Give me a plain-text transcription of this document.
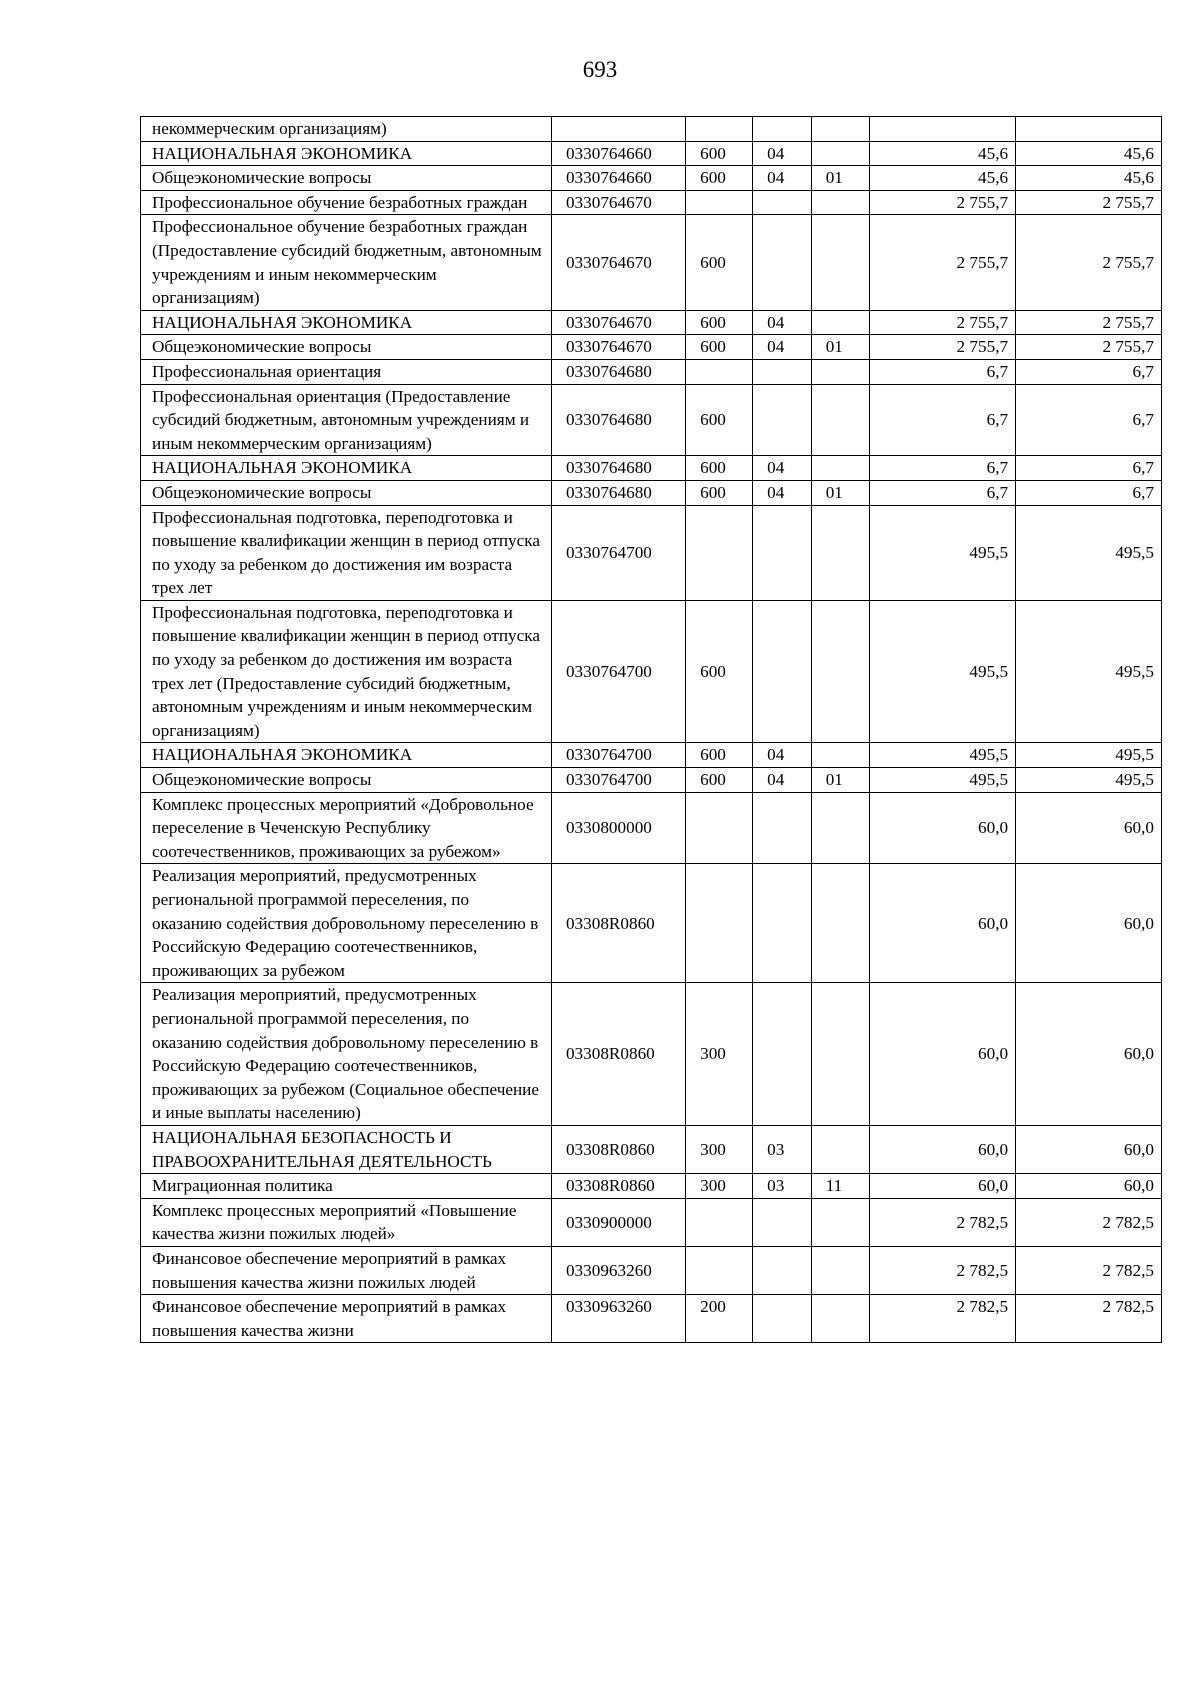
693
некоммерческим организациям)						
НАЦИОНАЛЬНАЯ ЭКОНОМИКА	0330764660	600	04		45,6	45,6
Общеэкономические вопросы	0330764660	600	04	01	45,6	45,6
Профессиональное обучение безработных граждан	0330764670				2 755,7	2 755,7
Профессиональное обучение безработных граждан (Предоставление субсидий бюджетным, автономным учреждениям и иным некоммерческим организациям)	0330764670	600			2 755,7	2 755,7
НАЦИОНАЛЬНАЯ ЭКОНОМИКА	0330764670	600	04		2 755,7	2 755,7
Общеэкономические вопросы	0330764670	600	04	01	2 755,7	2 755,7
Профессиональная ориентация	0330764680				6,7	6,7
Профессиональная ориентация (Предоставление субсидий бюджетным, автономным учреждениям и иным некоммерческим организациям)	0330764680	600			6,7	6,7
НАЦИОНАЛЬНАЯ ЭКОНОМИКА	0330764680	600	04		6,7	6,7
Общеэкономические вопросы	0330764680	600	04	01	6,7	6,7
Профессиональная подготовка, переподготовка и повышение квалификации женщин в период отпуска по уходу за ребенком до достижения им возраста трех лет	0330764700				495,5	495,5
Профессиональная подготовка, переподготовка и повышение квалификации женщин в период отпуска по уходу за ребенком до достижения им возраста трех лет (Предоставление субсидий бюджетным, автономным учреждениям и иным некоммерческим организациям)	0330764700	600			495,5	495,5
НАЦИОНАЛЬНАЯ ЭКОНОМИКА	0330764700	600	04		495,5	495,5
Общеэкономические вопросы	0330764700	600	04	01	495,5	495,5
Комплекс процессных мероприятий «Добровольное переселение в Чеченскую Республику соотечественников, проживающих за рубежом»	0330800000				60,0	60,0
Реализация мероприятий, предусмотренных региональной программой переселения, по оказанию содействия добровольному переселению в Российскую Федерацию соотечественников, проживающих за рубежом	03308R0860				60,0	60,0
Реализация мероприятий, предусмотренных региональной программой переселения, по оказанию содействия добровольному переселению в Российскую Федерацию соотечественников, проживающих за рубежом (Социальное обеспечение и иные выплаты населению)	03308R0860	300			60,0	60,0
НАЦИОНАЛЬНАЯ БЕЗОПАСНОСТЬ И ПРАВООХРАНИТЕЛЬНАЯ ДЕЯТЕЛЬНОСТЬ	03308R0860	300	03		60,0	60,0
Миграционная политика	03308R0860	300	03	11	60,0	60,0
Комплекс процессных мероприятий «Повышение качества жизни пожилых людей»	0330900000				2 782,5	2 782,5
Финансовое обеспечение мероприятий в рамках повышения качества жизни пожилых людей	0330963260				2 782,5	2 782,5
Финансовое обеспечение мероприятий в рамках повышения качества жизни	0330963260	200			2 782,5	2 782,5
